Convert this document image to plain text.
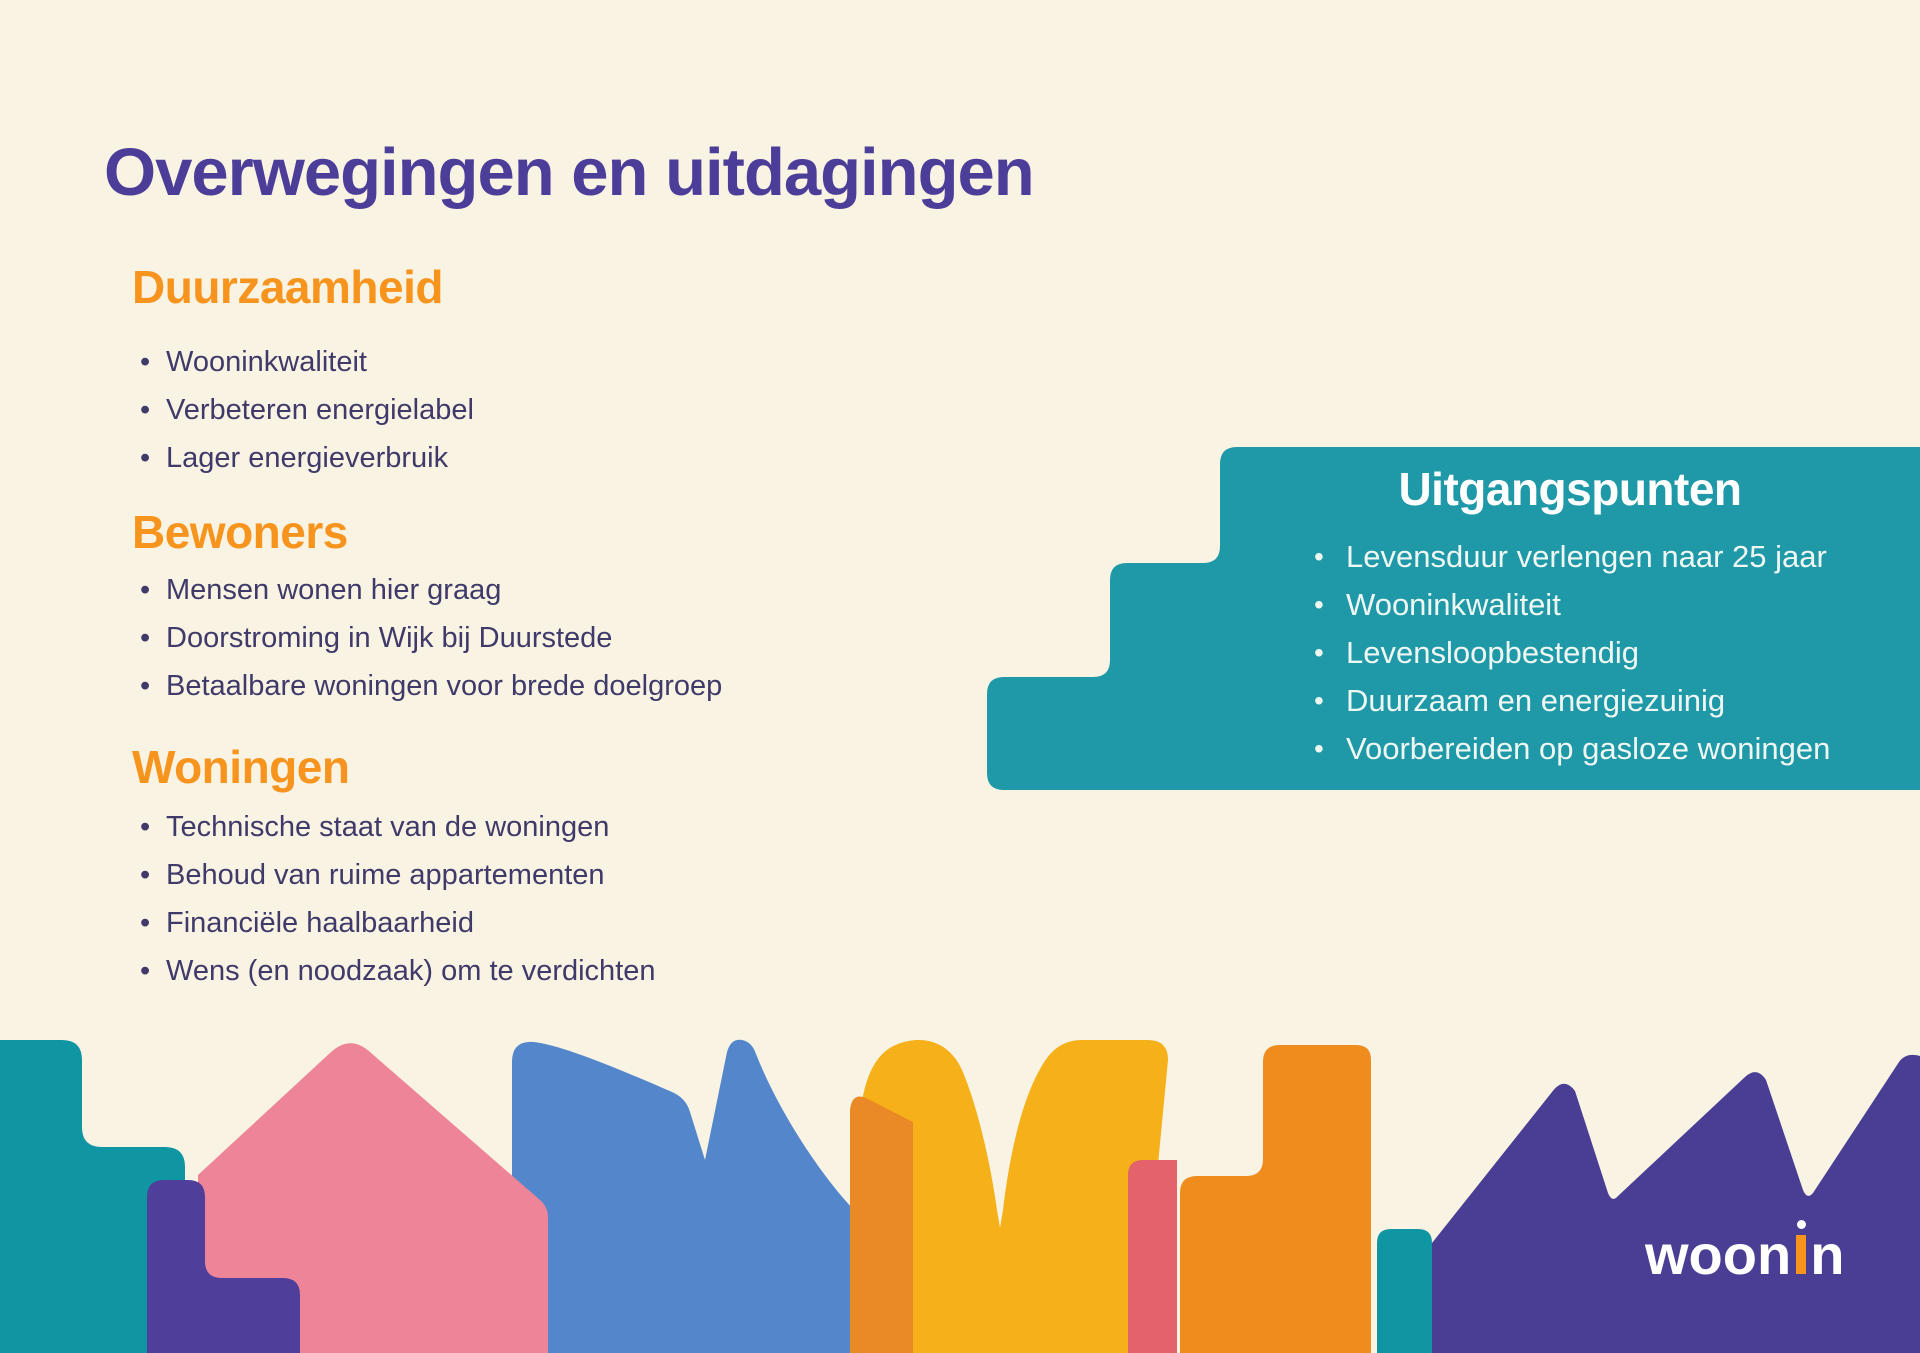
Overwegingen en uitdagingen
Duurzaamheid
• Wooninkwaliteit
• Verbeteren energielabel
• Lager energieverbruik
Bewoners
• Mensen wonen hier graag
• Doorstroming in Wijk bij Duurstede
• Betaalbare woningen voor brede doelgroep
Woningen
• Technische staat van de woningen
• Behoud van ruime appartementen
• Financiële haalbaarheid
• Wens (en noodzaak) om te verdichten
Uitgangspunten
• Levensduur verlengen naar 25 jaar
• Wooninkwaliteit
• Levensloopbestendig
• Duurzaam en energiezuinig
• Voorbereiden op gasloze woningen
woon n
